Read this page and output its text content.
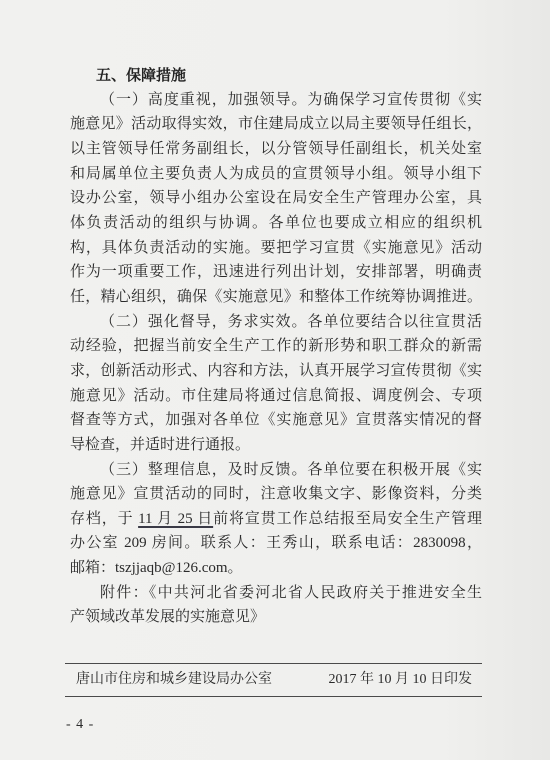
五、保障措施
（一）高度重视，加强领导。为确保学习宣传贯彻《实
施意见》活动取得实效，市住建局成立以局主要领导任组长，
以主管领导任常务副组长，以分管领导任副组长，机关处室
和局属单位主要负责人为成员的宣贯领导小组。领导小组下
设办公室，领导小组办公室设在局安全生产管理办公室，具
体负责活动的组织与协调。各单位也要成立相应的组织机
构，具体负责活动的实施。要把学习宣贯《实施意见》活动
作为一项重要工作，迅速进行列出计划，安排部署，明确责
任，精心组织，确保《实施意见》和整体工作统筹协调推进。
（二）强化督导，务求实效。各单位要结合以往宣贯活
动经验，把握当前安全生产工作的新形势和职工群众的新需
求，创新活动形式、内容和方法，认真开展学习宣传贯彻《实
施意见》活动。市住建局将通过信息简报、调度例会、专项
督查等方式，加强对各单位《实施意见》宣贯落实情况的督
导检查，并适时进行通报。
（三）整理信息，及时反馈。各单位要在积极开展《实
施意见》宣贯活动的同时，注意收集文字、影像资料，分类
存档，于 11 月 25 日前将宣贯工作总结报至局安全生产管理
办公室 209 房间。联系人：王秀山，联系电话：2830098，
邮箱：tszjjaqb@126.com。
附件：《中共河北省委河北省人民政府关于推进安全生
产领域改革发展的实施意见》
唐山市住房和城乡建设局办公室	2017 年 10 月 10 日印发
- 4 -
